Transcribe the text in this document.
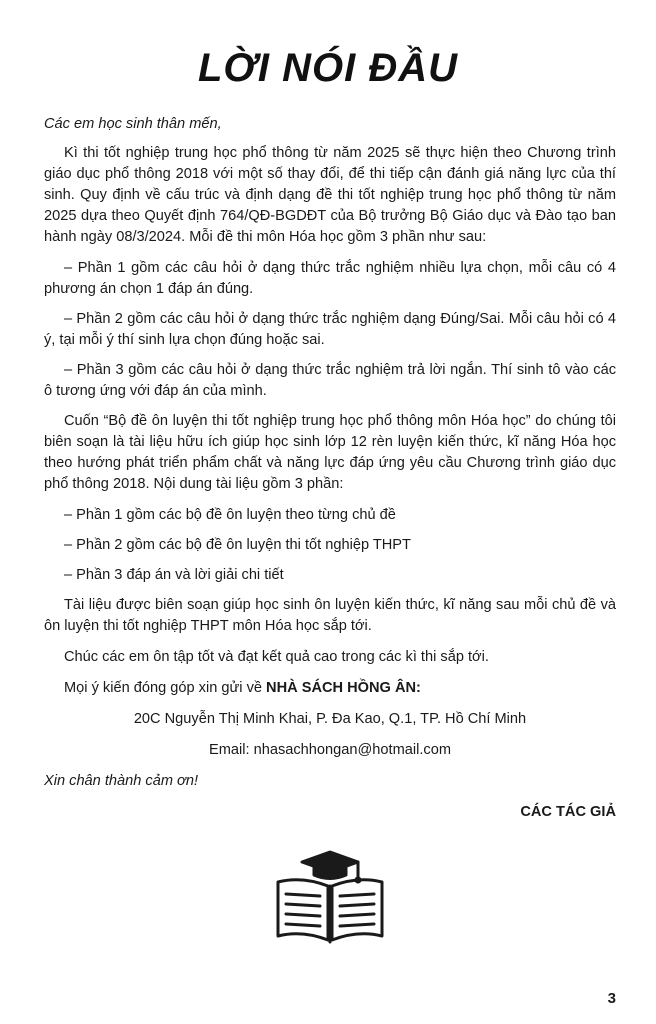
LỜI NÓI ĐẦU

Các em học sinh thân mến,

Kì thi tốt nghiệp trung học phổ thông từ năm 2025 sẽ thực hiện theo Chương trình giáo dục phổ thông 2018 với một số thay đổi, để thi tiếp cận đánh giá năng lực của thí sinh. Quy định về cấu trúc và định dạng đề thi tốt nghiệp trung học phổ thông từ năm 2025 dựa theo Quyết định 764/QĐ-BGDĐT của Bộ trưởng Bộ Giáo dục và Đào tạo ban hành ngày 08/3/2024. Mỗi đề thi môn Hóa học gồm 3 phần như sau:

– Phần 1 gồm các câu hỏi ở dạng thức trắc nghiệm nhiều lựa chọn, mỗi câu có 4 phương án chọn 1 đáp án đúng.

– Phần 2 gồm các câu hỏi ở dạng thức trắc nghiệm dạng Đúng/Sai. Mỗi câu hỏi có 4 ý, tại mỗi ý thí sinh lựa chọn đúng hoặc sai.

– Phần 3 gồm các câu hỏi ở dạng thức trắc nghiệm trả lời ngắn. Thí sinh tô vào các ô tương ứng với đáp án của mình.

Cuốn “Bộ đề ôn luyện thi tốt nghiệp trung học phổ thông môn Hóa học” do chúng tôi biên soạn là tài liệu hữu ích giúp học sinh lớp 12 rèn luyện kiến thức, kĩ năng Hóa học theo hướng phát triển phẩm chất và năng lực đáp ứng yêu cầu Chương trình giáo dục phổ thông 2018. Nội dung tài liệu gồm 3 phần:

– Phần 1 gồm các bộ đề ôn luyện theo từng chủ đề

– Phần 2 gồm các bộ đề ôn luyện thi tốt nghiệp THPT

– Phần 3 đáp án và lời giải chi tiết

Tài liệu được biên soạn giúp học sinh ôn luyện kiến thức, kĩ năng sau mỗi chủ đề và ôn luyện thi tốt nghiệp THPT môn Hóa học sắp tới.

Chúc các em ôn tập tốt và đạt kết quả cao trong các kì thi sắp tới.

Mọi ý kiến đóng góp xin gửi về NHÀ SÁCH HỒNG ÂN:

20C Nguyễn Thị Minh Khai, P. Đa Kao, Q.1, TP. Hồ Chí Minh

Email: nhasachhongan@hotmail.com

Xin chân thành cảm ơn!

CÁC TÁC GIẢ

3
